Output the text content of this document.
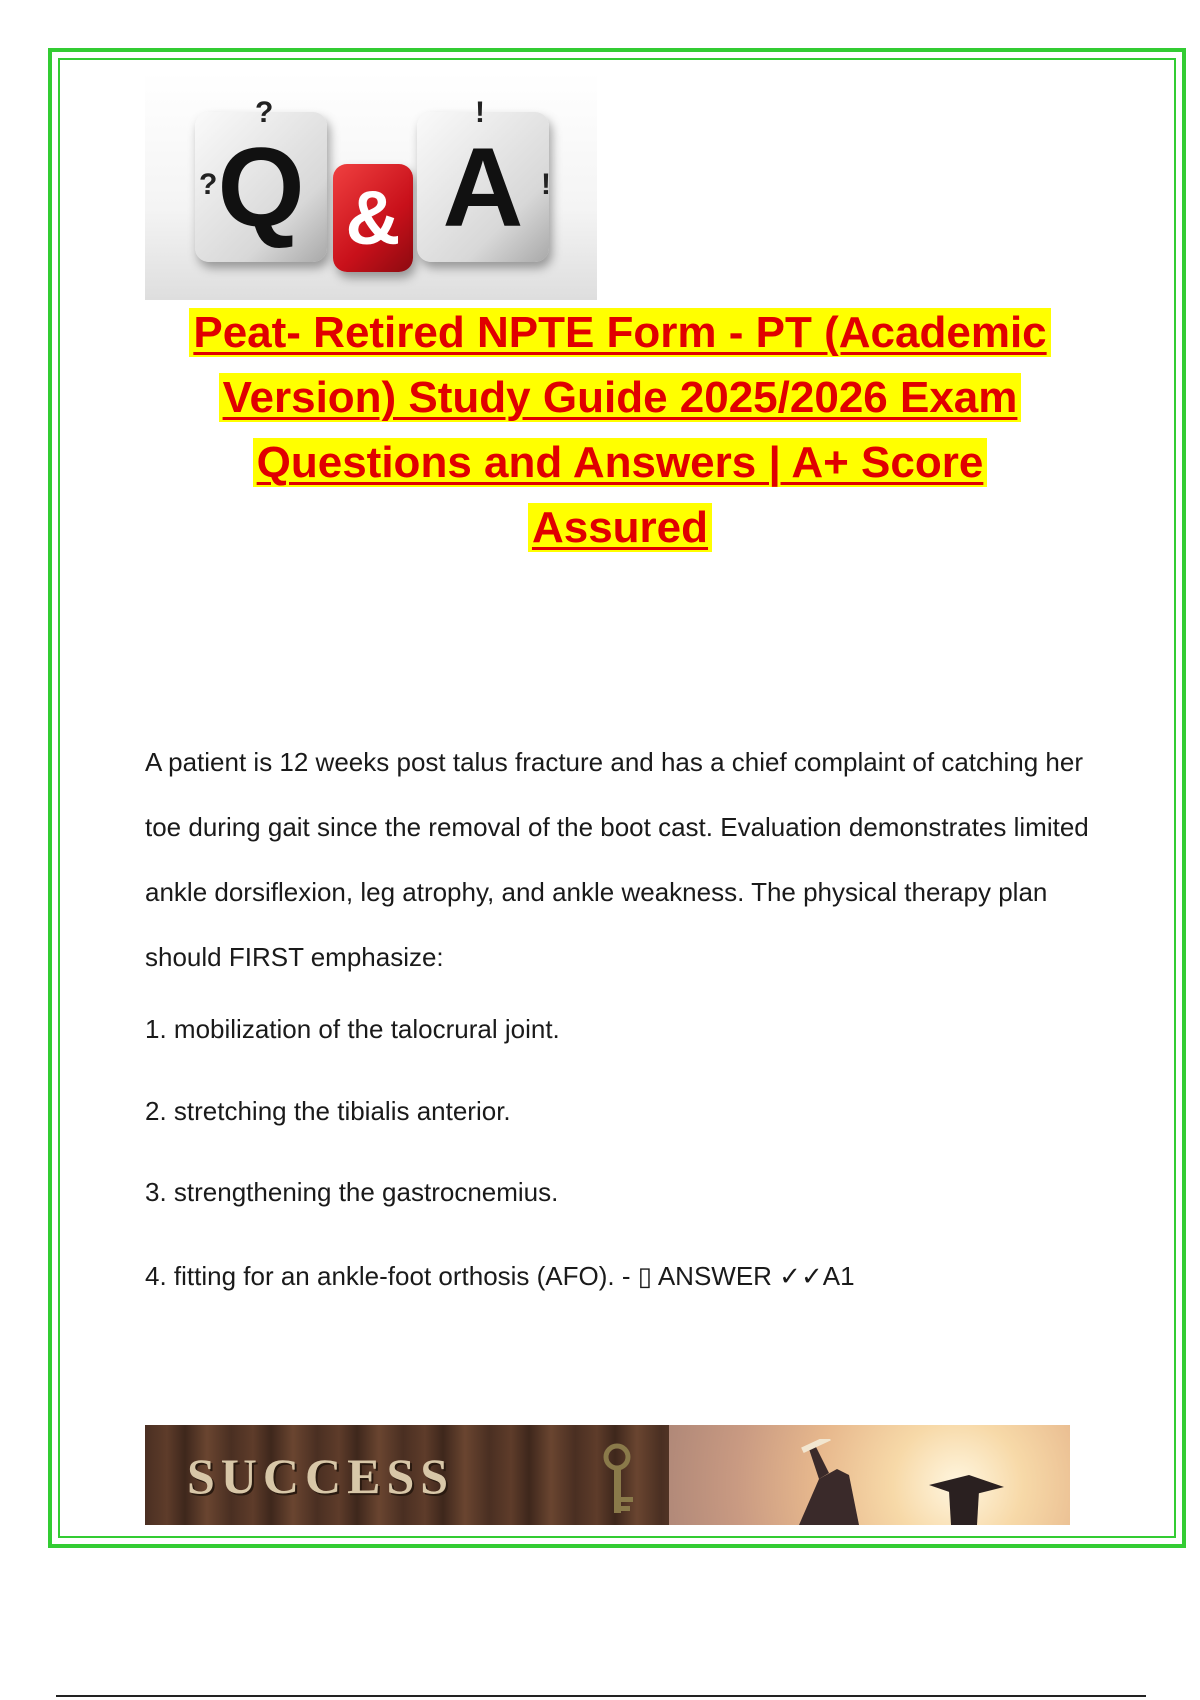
Q & A
?
?	!
!
Peat- Retired NPTE Form - PT (Academic
Version) Study Guide 2025/2026 Exam
Questions and Answers | A+ Score
Assured

A patient is 12 weeks post talus fracture and has a chief complaint of catching her toe during gait since the removal of the boot cast. Evaluation demonstrates limited ankle dorsiflexion, leg atrophy, and ankle weakness. The physical therapy plan should FIRST emphasize:

1. mobilization of the talocrural joint.

2. stretching the tibialis anterior.

3. strengthening the gastrocnemius.

4. fitting for an ankle-foot orthosis (AFO). - ▯ ANSWER ✓✓A1

SUCCESS
